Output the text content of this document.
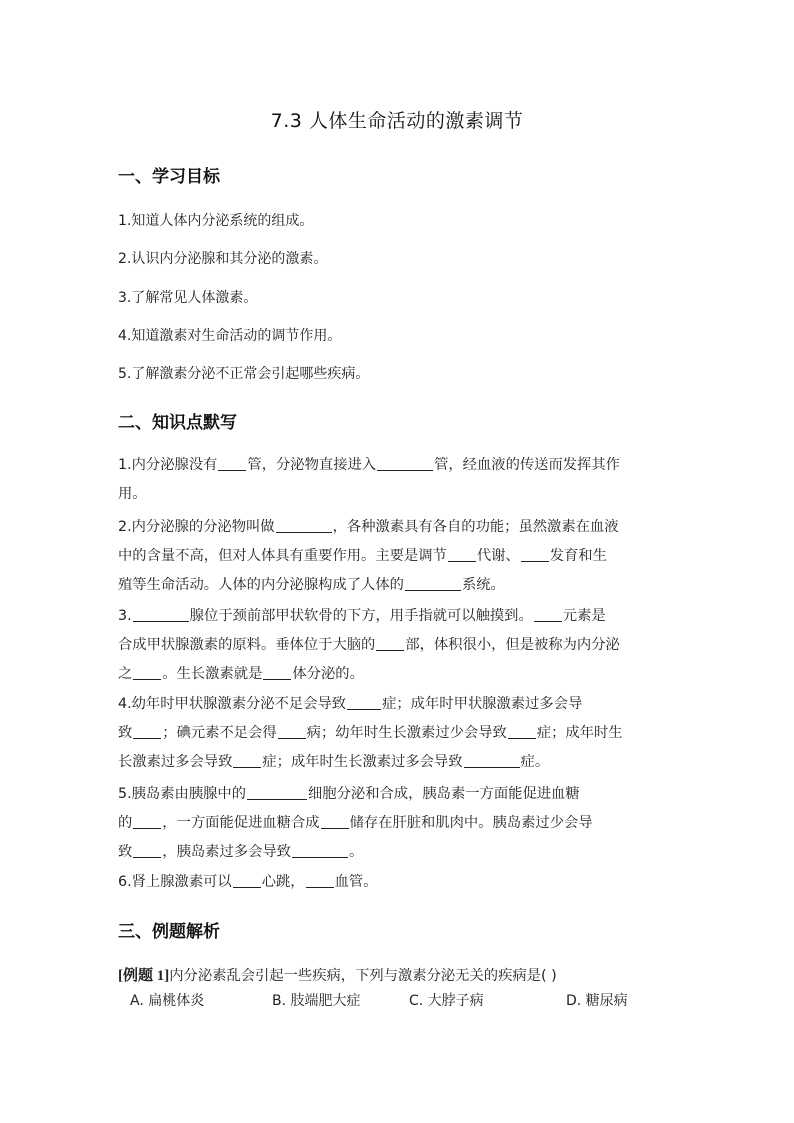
7.3 人体生命活动的激素调节
一、学习目标
1.知道人体内分泌系统的组成。
2.认识内分泌腺和其分泌的激素。
3.了解常见人体激素。
4.知道激素对生命活动的调节作用。
5.了解激素分泌不正常会引起哪些疾病。
二、知识点默写
1.内分泌腺没有 管，分泌物直接进入	管，经血液的传送而发挥其作
用。
2.内分泌腺的分泌物叫做	，各种激素具有各自的功能；虽然激素在血液
中的含量不高，但对人体具有重要作用。主要是调节 代谢、 发育和生
殖等生命活动。人体的内分泌腺构成了人体的	系统。
3.	腺位于颈前部甲状软骨的下方，用手指就可以触摸到。 元素是
合成甲状腺激素的原料。垂体位于大脑的 部，体积很小，但是被称为内分泌
之 。生长激素就是 体分泌的。
4.幼年时甲状腺激素分泌不足会导致	症；成年时甲状腺激素过多会导
致 ；碘元素不足会得 病；幼年时生长激素过少会导致 症；成年时生
长激素过多会导致 症；成年时生长激素过多会导致	症。
5.胰岛素由胰腺中的	细胞分泌和合成，胰岛素一方面能促进血糖
的 ，一方面能促进血糖合成 储存在肝脏和肌肉中。胰岛素过少会导
致 ，胰岛素过多会导致	。
6.肾上腺激素可以 心跳， 血管。
三、例题解析
[例题 1]内分泌素乱会引起一些疾病，下列与激素分泌无关的疾病是( )
A. 扁桃体炎	B. 肢端肥大症	C. 大脖子病	D. 糖尿病
